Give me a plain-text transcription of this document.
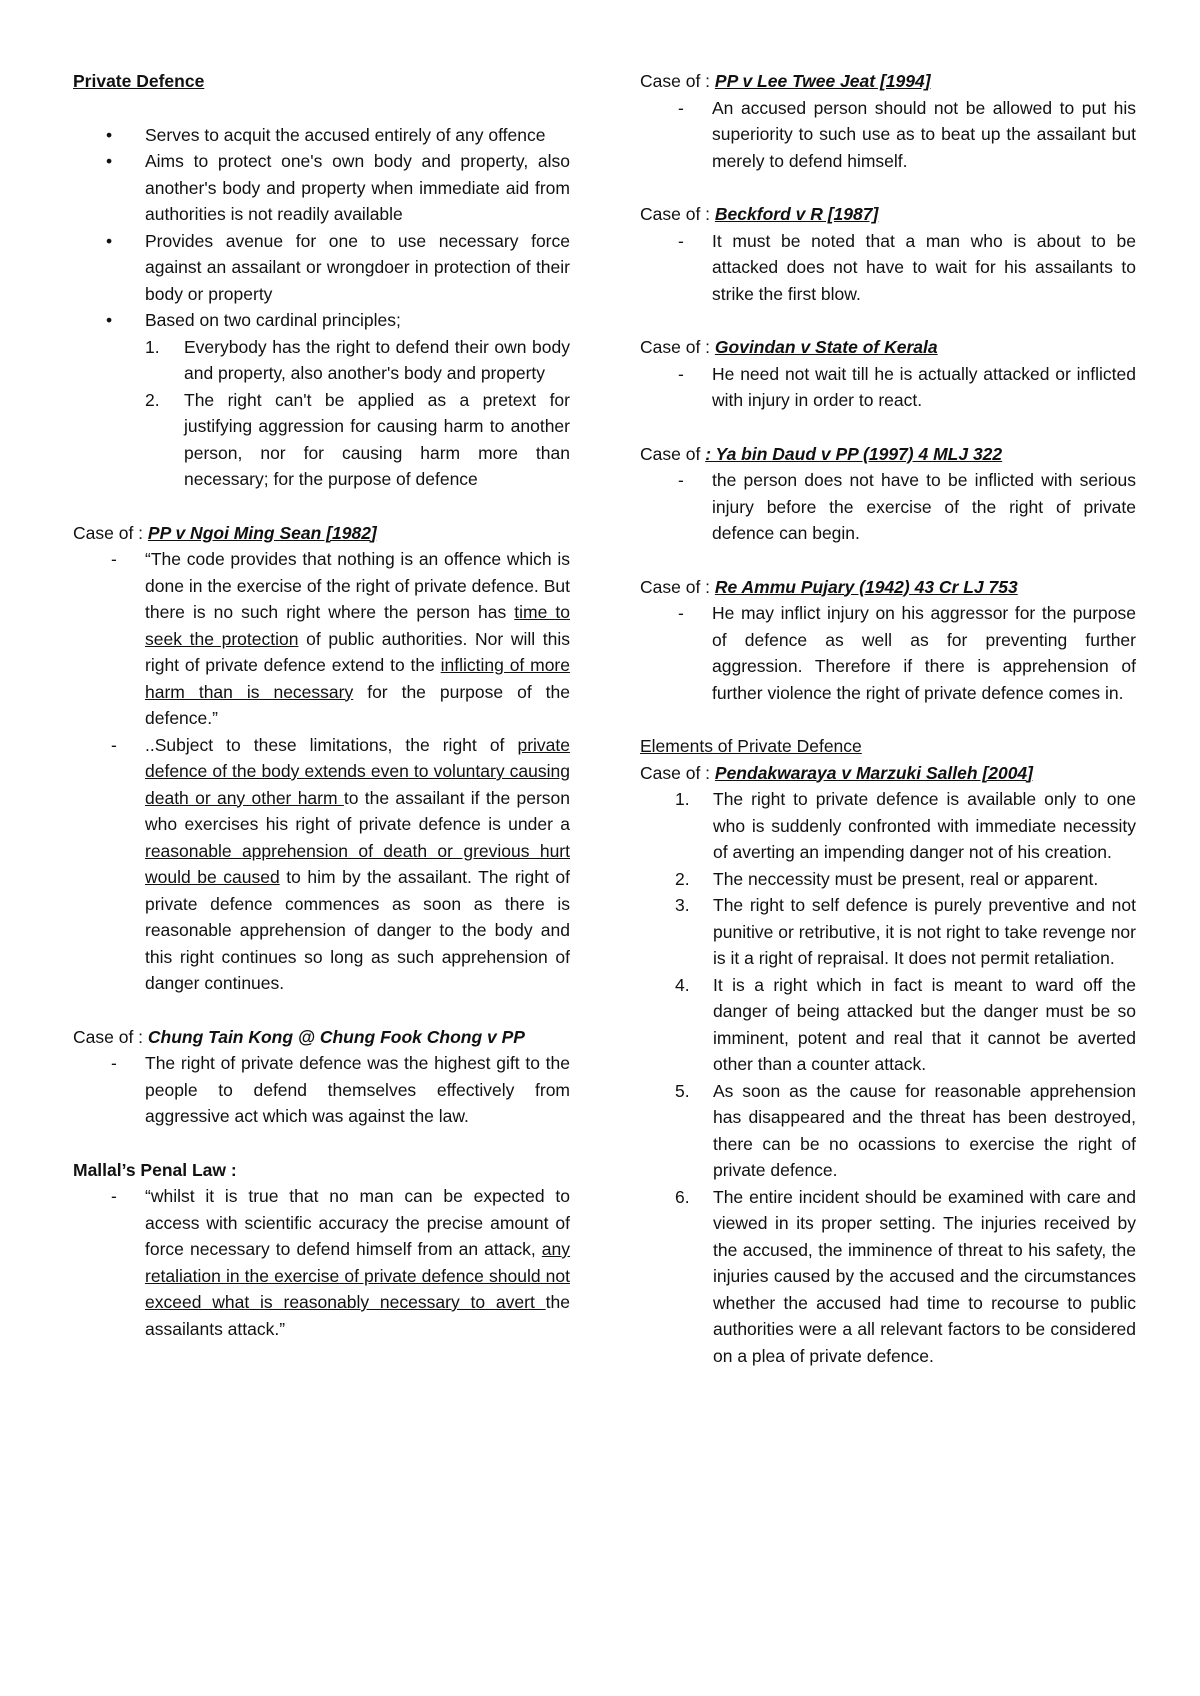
Private Defence

• Serves to acquit the accused entirely of any offence
• Aims to protect one's own body and property, also another's body and property when immediate aid from authorities is not readily available
• Provides avenue for one to use necessary force against an assailant or wrongdoer in protection of their body or property
• Based on two cardinal principles;
1. Everybody has the right to defend their own body and property, also another's body and property
2. The right can't be applied as a pretext for justifying aggression for causing harm to another person, nor for causing harm more than necessary; for the purpose of defence

Case of : PP v Ngoi Ming Sean [1982]

- “The code provides that nothing is an offence which is done in the exercise of the right of private defence. But there is no such right where the person has time to seek the protection of public authorities. Nor will this right of private defence extend to the inflicting of more harm than is necessary for the purpose of the defence.”
- ..Subject to these limitations, the right of private defence of the body extends even to voluntary causing death or any other harm to the assailant if the person who exercises his right of private defence is under a reasonable apprehension of death or grevious hurt would be caused to him by the assailant. The right of private defence commences as soon as there is reasonable apprehension of danger to the body and this right continues so long as such apprehension of danger continues.

Case of : Chung Tain Kong @ Chung Fook Chong v PP

- The right of private defence was the highest gift to the people to defend themselves effectively from aggressive act which was against the law.

Mallal’s Penal Law :

- “whilst it is true that no man can be expected to access with scientific accuracy the precise amount of force necessary to defend himself from an attack, any retaliation in the exercise of private defence should not exceed what is reasonably necessary to avert the assailants attack.”

Case of : PP v Lee Twee Jeat [1994]

- An accused person should not be allowed to put his superiority to such use as to beat up the assailant but merely to defend himself.

Case of : Beckford v R [1987]

- It must be noted that a man who is about to be attacked does not have to wait for his assailants to strike the first blow.

Case of : Govindan v State of Kerala

- He need not wait till he is actually attacked or inflicted with injury in order to react.

Case of : Ya bin Daud v PP (1997) 4 MLJ 322

- the person does not have to be inflicted with serious injury before the exercise of the right of private defence can begin.

Case of : Re Ammu Pujary (1942) 43 Cr LJ 753

- He may inflict injury on his aggressor for the purpose of defence as well as for preventing further aggression. Therefore if there is apprehension of further violence the right of private defence comes in.

Elements of Private Defence

Case of : Pendakwaraya v Marzuki Salleh [2004]

1. The right to private defence is available only to one who is suddenly confronted with immediate necessity of averting an impending danger not of his creation.
2. The neccessity must be present, real or apparent.
3. The right to self defence is purely preventive and not punitive or retributive, it is not right to take revenge nor is it a right of repraisal. It does not permit retaliation.
4. It is a right which in fact is meant to ward off the danger of being attacked but the danger must be so imminent, potent and real that it cannot be averted other than a counter attack.
5. As soon as the cause for reasonable apprehension has disappeared and the threat has been destroyed, there can be no ocassions to exercise the right of private defence.
6. The entire incident should be examined with care and viewed in its proper setting. The injuries received by the accused, the imminence of threat to his safety, the injuries caused by the accused and the circumstances whether the accused had time to recourse to public authorities were a all relevant factors to be considered on a plea of private defence.
